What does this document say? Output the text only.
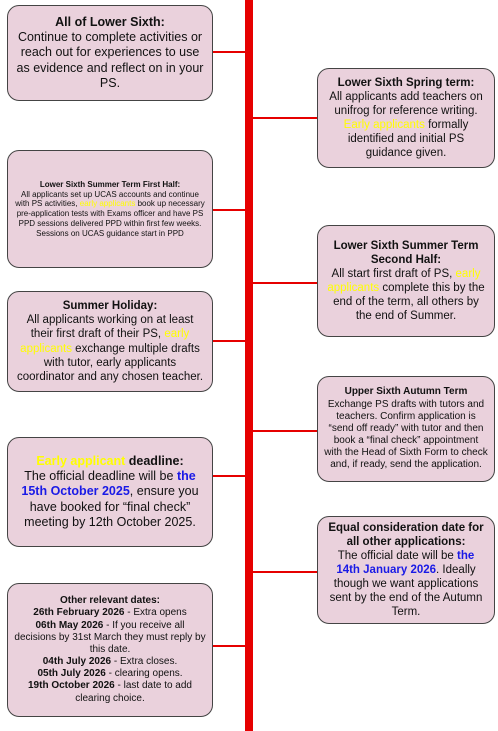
All of Lower Sixth:
Continue to complete activities or reach out for experiences to use as evidence and reflect on in your PS.
Lower Sixth Summer Term First Half:
All applicants set up UCAS accounts and continue with PS activities, early applicants book up necessary pre-application tests with Exams officer and have PS PPD sessions delivered PPD within first few weeks.
Sessions on UCAS guidance start in PPD
Summer Holiday:
All applicants working on at least their first draft of their PS, early applicants exchange multiple drafts with tutor, early applicants coordinator and any chosen teacher.
Early applicant deadline:
The official deadline will be the 15th October 2025, ensure you have booked for “final check” meeting by 12th October 2025.
Other relevant dates:
26th February 2026 - Extra opens
06th May 2026 - If you receive all decisions by 31st March they must reply by this date.
04th July 2026 - Extra closes.
05th July 2026 - clearing opens.
19th October 2026 - last date to add clearing choice.
Lower Sixth Spring term:
All applicants add teachers on unifrog for reference writing. Early applicants formally identified and initial PS guidance given.
Lower Sixth Summer Term Second Half:
All start first draft of PS, early applicants complete this by the end of the term, all others by the end of Summer.
Upper Sixth Autumn Term
Exchange PS drafts with tutors and teachers. Confirm application is “send off ready” with tutor and then book a “final check” appointment with the Head of Sixth Form to check and, if ready, send the application.
Equal consideration date for all other applications:
The official date will be the 14th January 2026. Ideally though we want applications sent by the end of the Autumn Term.
